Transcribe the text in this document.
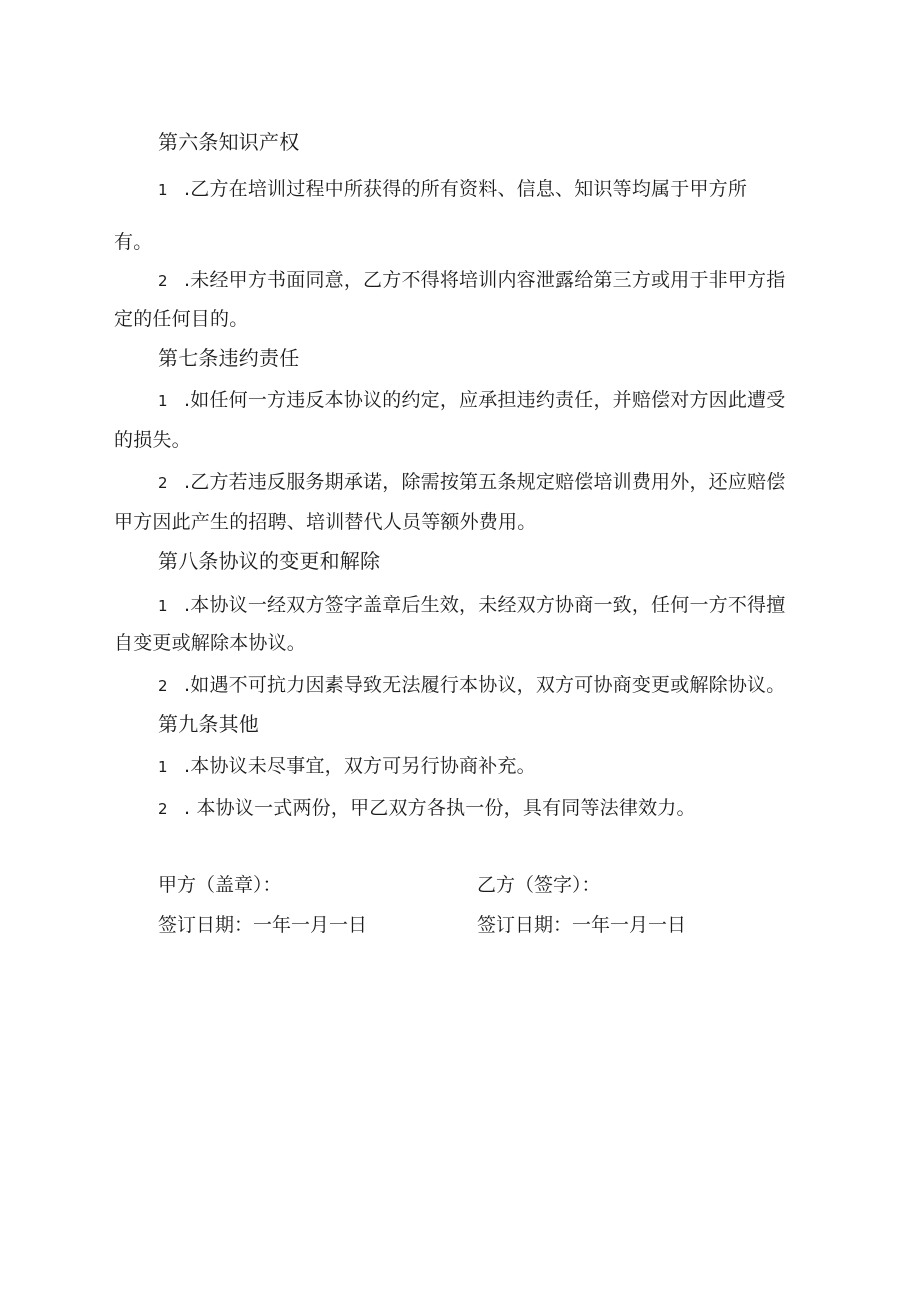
第六条知识产权
1 .乙方在培训过程中所获得的所有资料、信息、知识等均属于甲方所
有。
2 .未经甲方书面同意，乙方不得将培训内容泄露给第三方或用于非甲方指
定的任何目的。
第七条违约责任
1 .如任何一方违反本协议的约定，应承担违约责任，并赔偿对方因此遭受
的损失。
2 .乙方若违反服务期承诺，除需按第五条规定赔偿培训费用外，还应赔偿
甲方因此产生的招聘、培训替代人员等额外费用。
第八条协议的变更和解除
1 .本协议一经双方签字盖章后生效，未经双方协商一致，任何一方不得擅
自变更或解除本协议。
2 .如遇不可抗力因素导致无法履行本协议，双方可协商变更或解除协议。
第九条其他
1 .本协议未尽事宜，双方可另行协商补充。
2 . 本协议一式两份，甲乙双方各执一份，具有同等法律效力。
甲方（盖章）：	乙方（签字）：
签订日期：一年一月一日	签订日期：一年一月一日
